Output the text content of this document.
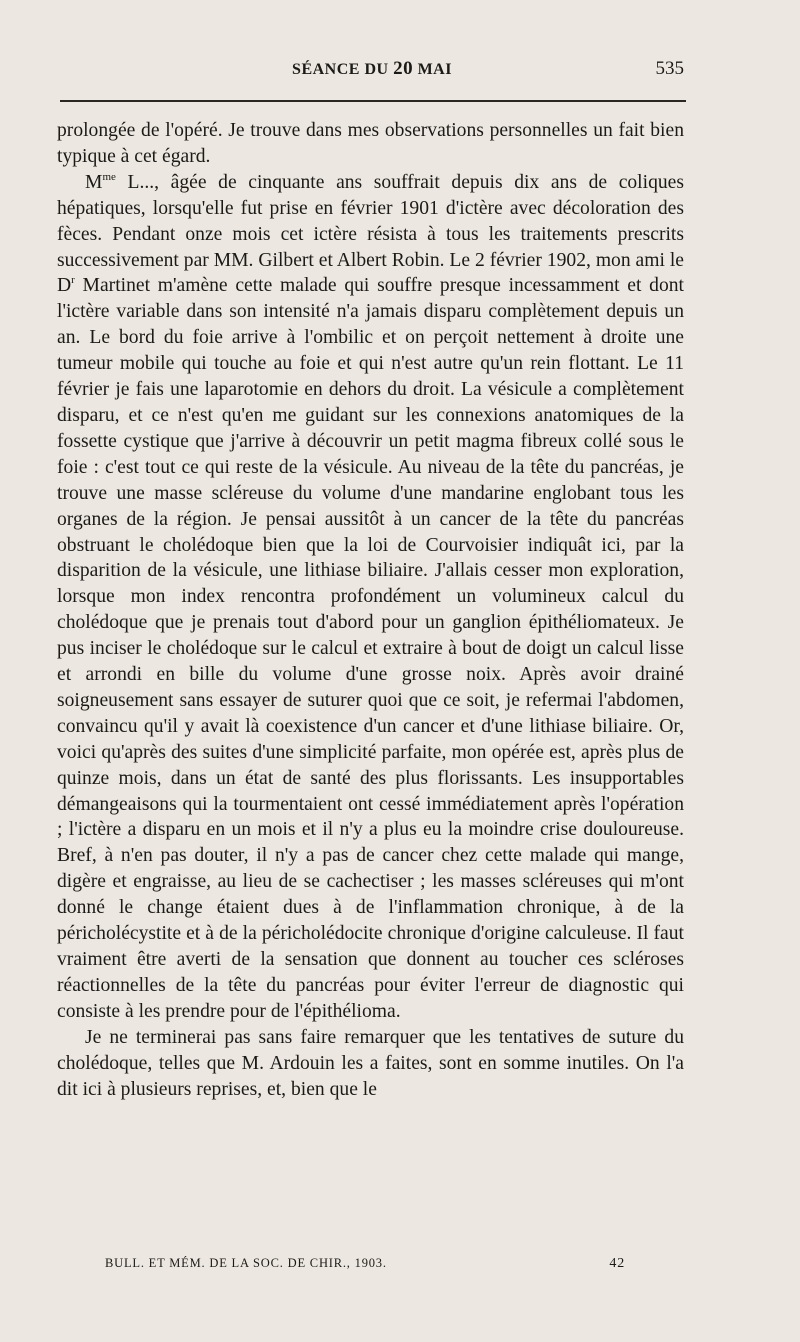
SÉANCE DU 20 MAI	535

prolongée de l'opéré. Je trouve dans mes observations personnelles un fait bien typique à cet égard.

$M^{me}$ L..., âgée de cinquante ans souffrait depuis dix ans de coliques hépatiques, lorsqu'elle fut prise en février 1901 d'ictère avec décoloration des fèces. Pendant onze mois cet ictère résista à tous les traitements prescrits successivement par MM. Gilbert et Albert Robin. Le 2 février 1902, mon ami le $D^r$ Martinet m'amène cette malade qui souffre presque incessamment et dont l'ictère variable dans son intensité n'a jamais disparu complètement depuis un an. Le bord du foie arrive à l'ombilic et on perçoit nettement à droite une tumeur mobile qui touche au foie et qui n'est autre qu'un rein flottant. Le 11 février je fais une laparotomie en dehors du droit. La vésicule a complètement disparu, et ce n'est qu'en me guidant sur les connexions anatomiques de la fossette cystique que j'arrive à découvrir un petit magma fibreux collé sous le foie : c'est tout ce qui reste de la vésicule. Au niveau de la tête du pancréas, je trouve une masse scléreuse du volume d'une mandarine englobant tous les organes de la région. Je pensai aussitôt à un cancer de la tête du pancréas obstruant le cholédoque bien que la loi de Courvoisier indiquât ici, par la disparition de la vésicule, une lithiase biliaire. J'allais cesser mon exploration, lorsque mon index rencontra profondément un volumineux calcul du cholédoque que je prenais tout d'abord pour un ganglion épithéliomateux. Je pus inciser le cholédoque sur le calcul et extraire à bout de doigt un calcul lisse et arrondi en bille du volume d'une grosse noix. Après avoir drainé soigneusement sans essayer de suturer quoi que ce soit, je refermai l'abdomen, convaincu qu'il y avait là coexistence d'un cancer et d'une lithiase biliaire. Or, voici qu'après des suites d'une simplicité parfaite, mon opérée est, après plus de quinze mois, dans un état de santé des plus florissants. Les insupportables démangeaisons qui la tourmentaient ont cessé immédiatement après l'opération ; l'ictère a disparu en un mois et il n'y a plus eu la moindre crise douloureuse. Bref, à n'en pas douter, il n'y a pas de cancer chez cette malade qui mange, digère et engraisse, au lieu de se cachectiser ; les masses scléreuses qui m'ont donné le change étaient dues à de l'inflammation chronique, à de la péricholécystite et à de la péricholédocite chronique d'origine calculeuse. Il faut vraiment être averti de la sensation que donnent au toucher ces scléroses réactionnelles de la tête du pancréas pour éviter l'erreur de diagnostic qui consiste à les prendre pour de l'épithélioma.

Je ne terminerai pas sans faire remarquer que les tentatives de suture du cholédoque, telles que M. Ardouin les a faites, sont en somme inutiles. On l'a dit ici à plusieurs reprises, et, bien que le

BULL. ET MÉM. DE LA SOC. DE CHIR., 1903.	42
